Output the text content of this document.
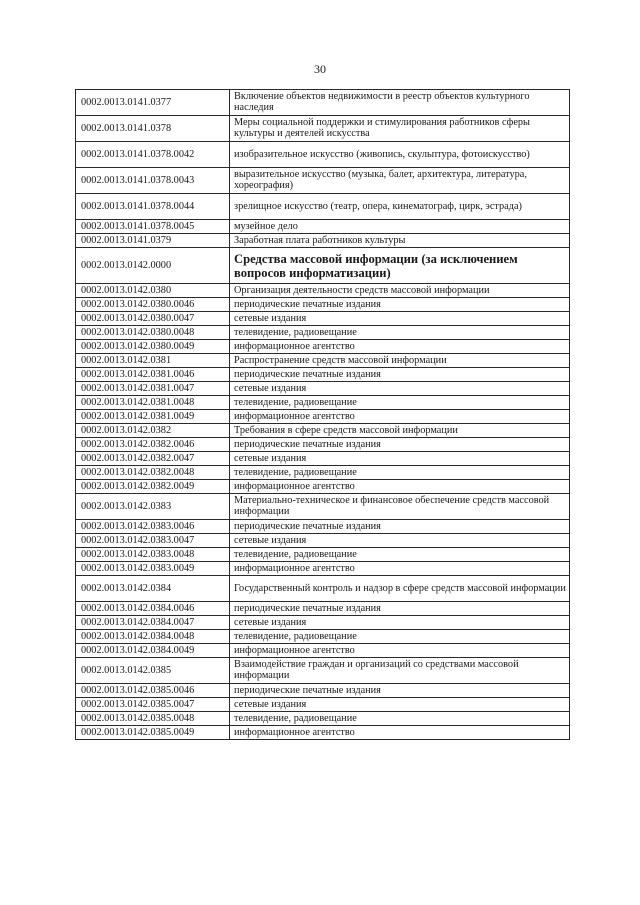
30
0002.0013.0141.0377	Включение объектов недвижимости в реестр объектов культурного наследия
0002.0013.0141.0378	Меры социальной поддержки и стимулирования работников сферы культуры и деятелей искусства
0002.0013.0141.0378.0042	изобразительное искусство (живопись, скульптура, фотоискусство)
0002.0013.0141.0378.0043	выразительное искусство (музыка, балет, архитектура, литература, хореография)
0002.0013.0141.0378.0044	зрелищное искусство (театр, опера, кинематограф, цирк, эстрада)
0002.0013.0141.0378.0045	музейное дело
0002.0013.0141.0379	Заработная плата работников культуры
0002.0013.0142.0000	Средства массовой информации (за исключением вопросов информатизации)
0002.0013.0142.0380	Организация деятельности средств массовой информации
0002.0013.0142.0380.0046	периодические печатные издания
0002.0013.0142.0380.0047	сетевые издания
0002.0013.0142.0380.0048	телевидение, радиовещание
0002.0013.0142.0380.0049	информационное агентство
0002.0013.0142.0381	Распространение средств массовой информации
0002.0013.0142.0381.0046	периодические печатные издания
0002.0013.0142.0381.0047	сетевые издания
0002.0013.0142.0381.0048	телевидение, радиовещание
0002.0013.0142.0381.0049	информационное агентство
0002.0013.0142.0382	Требования в сфере средств массовой информации
0002.0013.0142.0382.0046	периодические печатные издания
0002.0013.0142.0382.0047	сетевые издания
0002.0013.0142.0382.0048	телевидение, радиовещание
0002.0013.0142.0382.0049	информационное агентство
0002.0013.0142.0383	Материально-техническое и финансовое обеспечение средств массовой информации
0002.0013.0142.0383.0046	периодические печатные издания
0002.0013.0142.0383.0047	сетевые издания
0002.0013.0142.0383.0048	телевидение, радиовещание
0002.0013.0142.0383.0049	информационное агентство
0002.0013.0142.0384	Государственный контроль и надзор в сфере средств массовой информации
0002.0013.0142.0384.0046	периодические печатные издания
0002.0013.0142.0384.0047	сетевые издания
0002.0013.0142.0384.0048	телевидение, радиовещание
0002.0013.0142.0384.0049	информационное агентство
0002.0013.0142.0385	Взаимодействие граждан и организаций со средствами массовой информации
0002.0013.0142.0385.0046	периодические печатные издания
0002.0013.0142.0385.0047	сетевые издания
0002.0013.0142.0385.0048	телевидение, радиовещание
0002.0013.0142.0385.0049	информационное агентство
